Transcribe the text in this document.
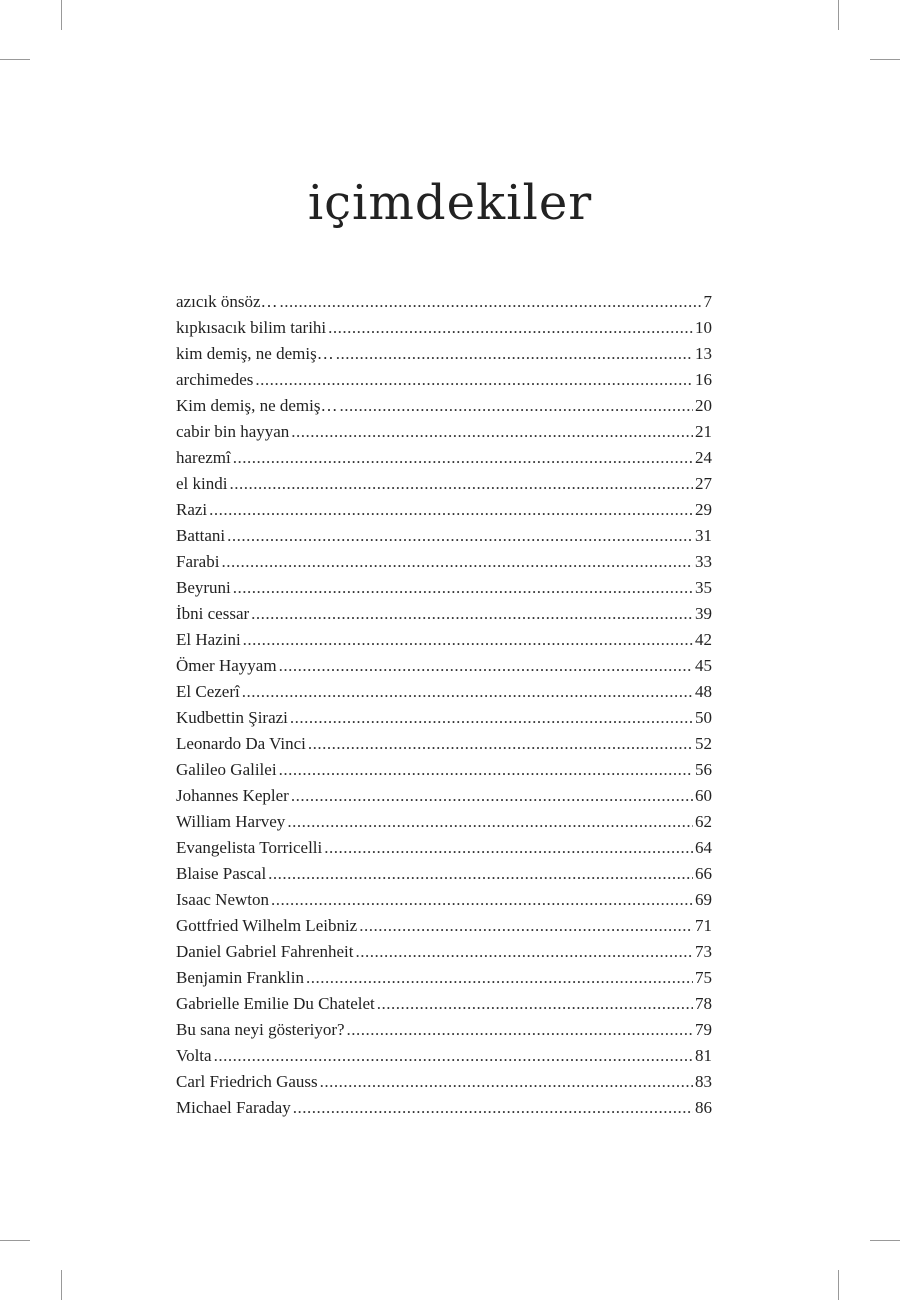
içimdekiler
azıcık önsöz… .....	7
kıpkısacık bilim tarihi .....	10
kim demiş, ne demiş… .....	13
archimedes .....	16
Kim demiş, ne demiş… .....	20
cabir bin hayyan .....	21
harezmî .....	24
el kindi .....	27
Razi .....	29
Battani .....	31
Farabi .....	33
Beyruni .....	35
İbni cessar .....	39
El Hazini .....	42
Ömer Hayyam .....	45
El Cezerî .....	48
Kudbettin Şirazi .....	50
Leonardo Da Vinci .....	52
Galileo Galilei .....	56
Johannes Kepler .....	60
William Harvey .....	62
Evangelista Torricelli .....	64
Blaise Pascal .....	66
Isaac Newton .....	69
Gottfried Wilhelm Leibniz .....	71
Daniel Gabriel Fahrenheit .....	73
Benjamin Franklin .....	75
Gabrielle Emilie Du Chatelet .....	78
Bu sana neyi gösteriyor? .....	79
Volta .....	81
Carl Friedrich Gauss .....	83
Michael Faraday .....	86
